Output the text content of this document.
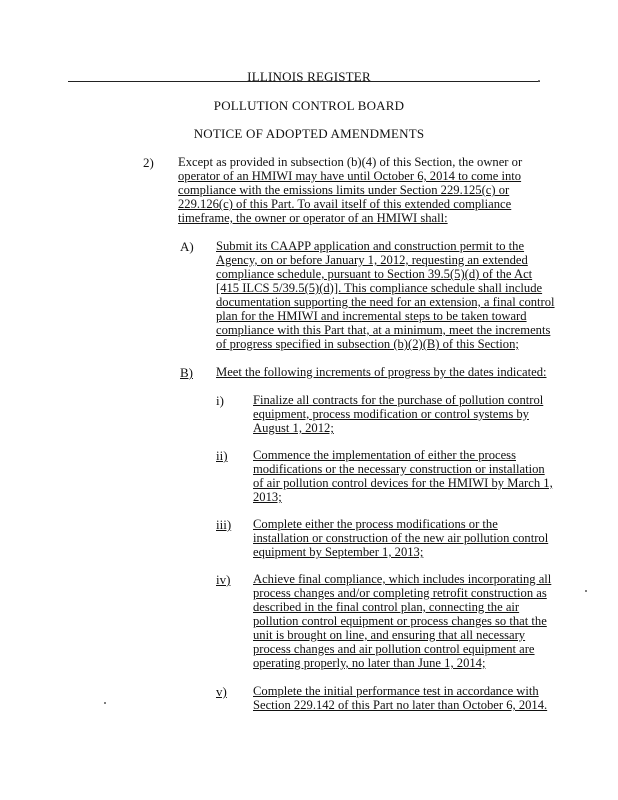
ILLINOIS REGISTER
POLLUTION CONTROL BOARD
NOTICE OF ADOPTED AMENDMENTS
2) Except as provided in subsection (b)(4) of this Section, the owner or
operator of an HMIWI may have until October 6, 2014 to come into
compliance with the emissions limits under Section 229.125(c) or
229.126(c) of this Part. To avail itself of this extended compliance
timeframe, the owner or operator of an HMIWI shall:
A) Submit its CAAPP application and construction permit to the
Agency, on or before January 1, 2012, requesting an extended
compliance schedule, pursuant to Section 39.5(5)(d) of the Act
[415 ILCS 5/39.5(5)(d)]. This compliance schedule shall include
documentation supporting the need for an extension, a final control
plan for the HMIWI and incremental steps to be taken toward
compliance with this Part that, at a minimum, meet the increments
of progress specified in subsection (b)(2)(B) of this Section;
B) Meet the following increments of progress by the dates indicated:
i) Finalize all contracts for the purchase of pollution control
equipment, process modification or control systems by
August 1, 2012;
ii) Commence the implementation of either the process
modifications or the necessary construction or installation
of air pollution control devices for the HMIWI by March 1,
2013;
iii) Complete either the process modifications or the
installation or construction of the new air pollution control
equipment by September 1, 2013;
iv) Achieve final compliance, which includes incorporating all
process changes and/or completing retrofit construction as
described in the final control plan, connecting the air
pollution control equipment or process changes so that the
unit is brought on line, and ensuring that all necessary
process changes and air pollution control equipment are
operating properly, no later than June 1, 2014;
v) Complete the initial performance test in accordance with
Section 229.142 of this Part no later than October 6, 2014.
